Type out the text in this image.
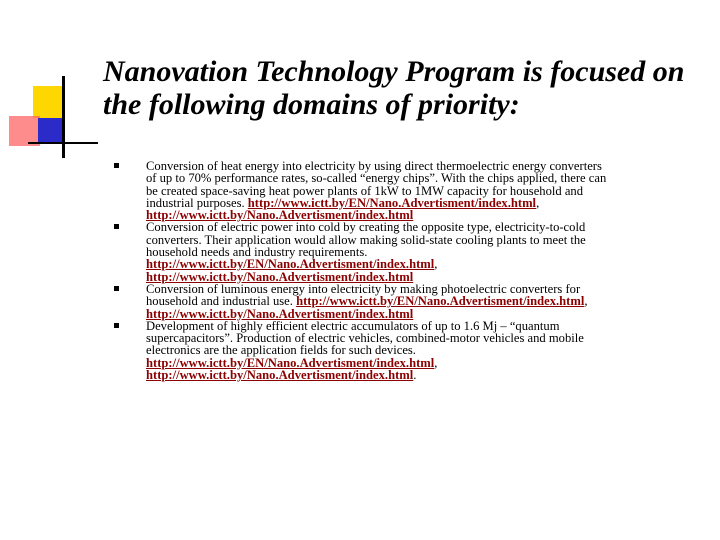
Nanovation Technology Program is focused on the following domains of priority:
Conversion of heat energy into electricity by using direct thermoelectric energy converters of up to 70% performance rates, so-called “energy chips”. With the chips applied, there can be created space-saving heat power plants of 1kW to 1MW capacity for household and industrial purposes. http://www.ictt.by/EN/Nano.Advertisment/index.html, http://www.ictt.by/Nano.Advertisment/index.html
Conversion of electric power into cold by creating the opposite type, electricity-to-cold converters. Their application would allow making solid-state cooling plants to meet the household needs and industry requirements. http://www.ictt.by/EN/Nano.Advertisment/index.html, http://www.ictt.by/Nano.Advertisment/index.html
Conversion of luminous energy into electricity by making photoelectric converters for household and industrial use. http://www.ictt.by/EN/Nano.Advertisment/index.html, http://www.ictt.by/Nano.Advertisment/index.html
Development of highly efficient electric accumulators of up to 1.6 Mj – “quantum supercapacitors”. Production of electric vehicles, combined-motor vehicles and mobile electronics are the application fields for such devices. http://www.ictt.by/EN/Nano.Advertisment/index.html, http://www.ictt.by/Nano.Advertisment/index.html.
